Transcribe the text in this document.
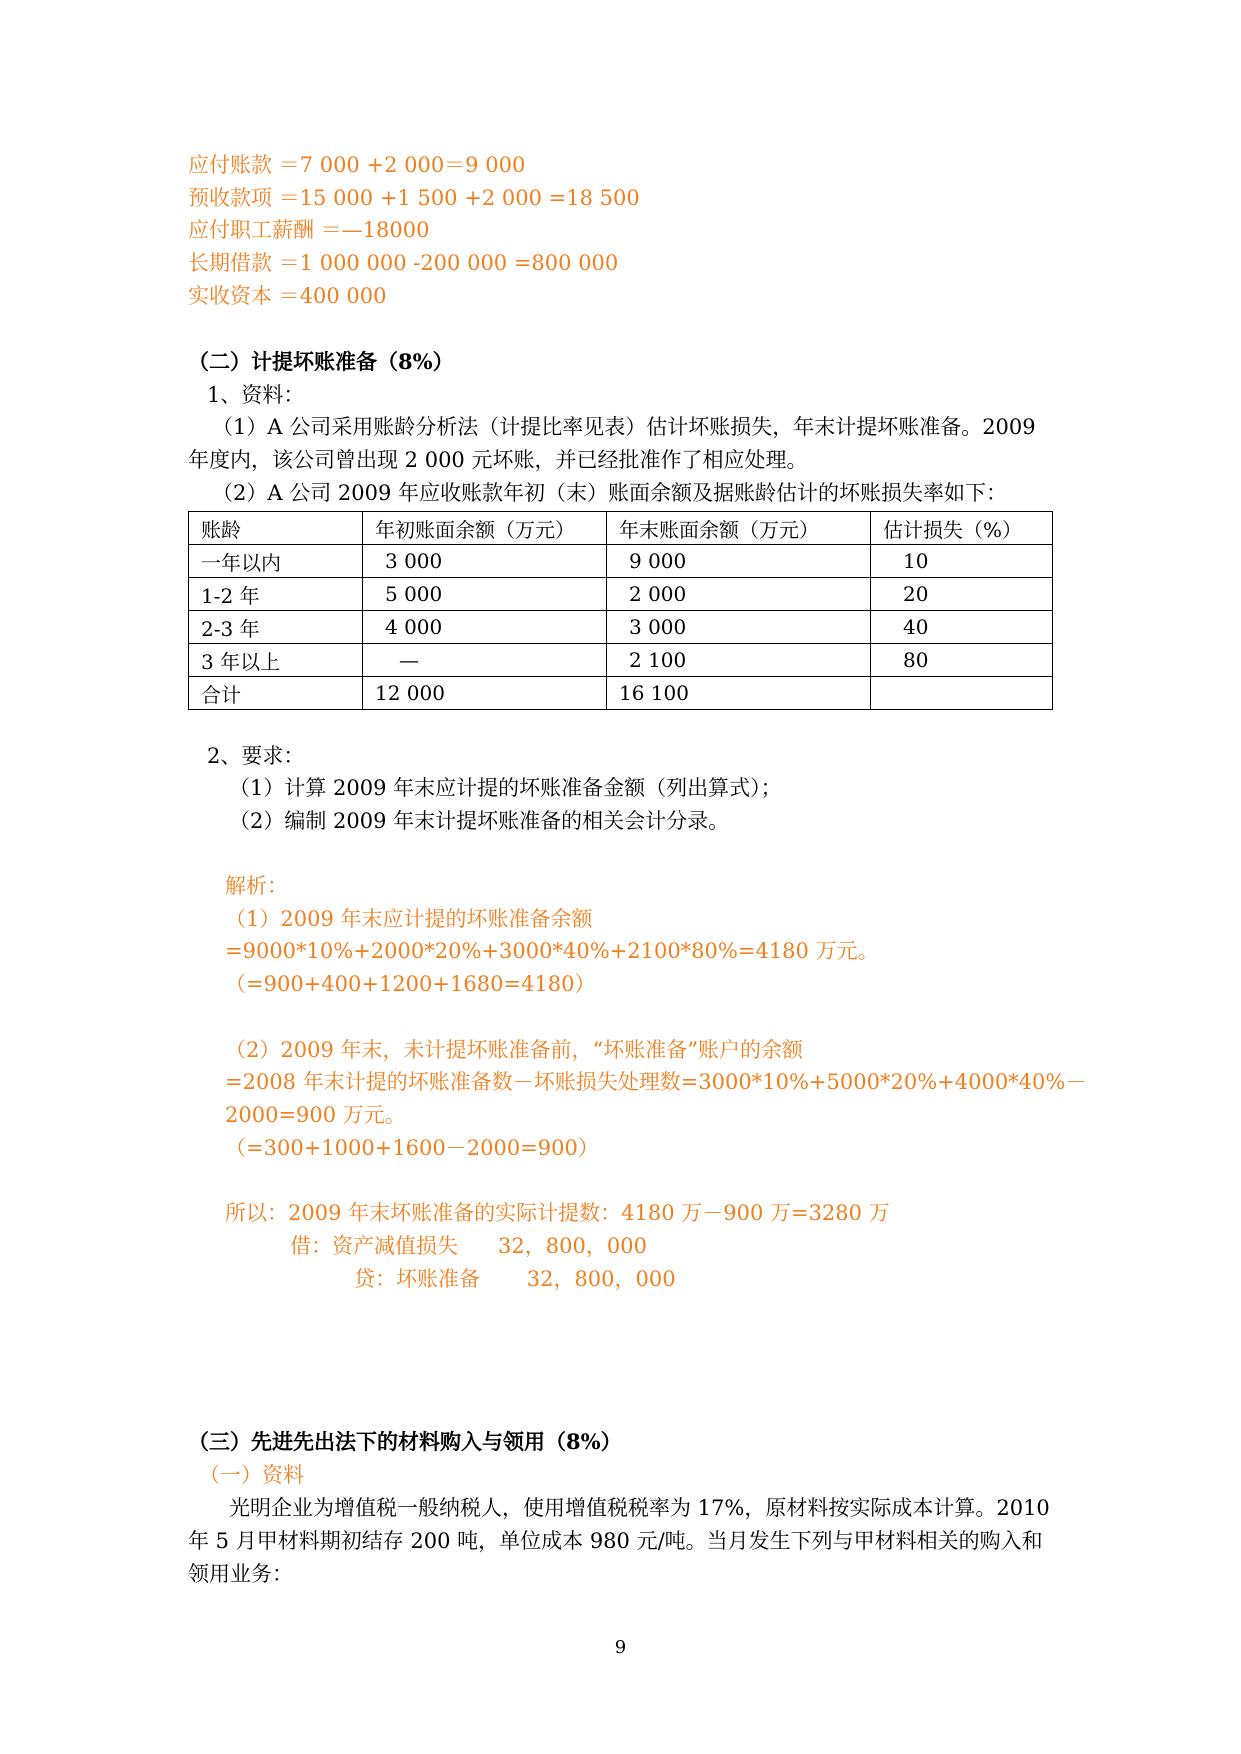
应付账款 ＝7 000 +2 000＝9 000
预收款项 ＝15 000 +1 500 +2 000 =18 500
应付职工薪酬 ＝—18000
长期借款 ＝1 000 000 -200 000 =800 000
实收资本 ＝400 000
（二）计提坏账准备（8%）
1、资料：
（1）A 公司采用账龄分析法（计提比率见表）估计坏账损失，年末计提坏账准备。2009
年度内，该公司曾出现 2 000 元坏账，并已经批准作了相应处理。
（2）A 公司 2009 年应收账款年初（末）账面余额及据账龄估计的坏账损失率如下：
账龄	年初账面余额（万元）	年末账面余额（万元）	估计损失（%）
一年以内	3 000	9 000	10
1-2 年	5 000	2 000	20
2-3 年	4 000	3 000	40
3 年以上	—	2 100	80
合计	12 000	16 100	
2、要求：
（1）计算 2009 年末应计提的坏账准备金额（列出算式）；
（2）编制 2009 年末计提坏账准备的相关会计分录。
解析：
（1）2009 年末应计提的坏账准备余额
=9000*10%+2000*20%+3000*40%+2100*80%=4180 万元。
（=900+400+1200+1680=4180）
（2）2009 年末，未计提坏账准备前，“坏账准备”账户的余额
=2008 年末计提的坏账准备数－坏账损失处理数=3000*10%+5000*20%+4000*40%－
2000=900 万元。
（=300+1000+1600－2000=900）
所以：2009 年末坏账准备的实际计提数：4180 万－900 万=3280 万
借：资产减值损失      32，800，000
贷：坏账准备       32，800，000
（三）先进先出法下的材料购入与领用（8%）
（一）资料
光明企业为增值税一般纳税人，使用增值税税率为 17%，原材料按实际成本计算。2010
年 5 月甲材料期初结存 200 吨，单位成本 980 元/吨。当月发生下列与甲材料相关的购入和
领用业务：
9
